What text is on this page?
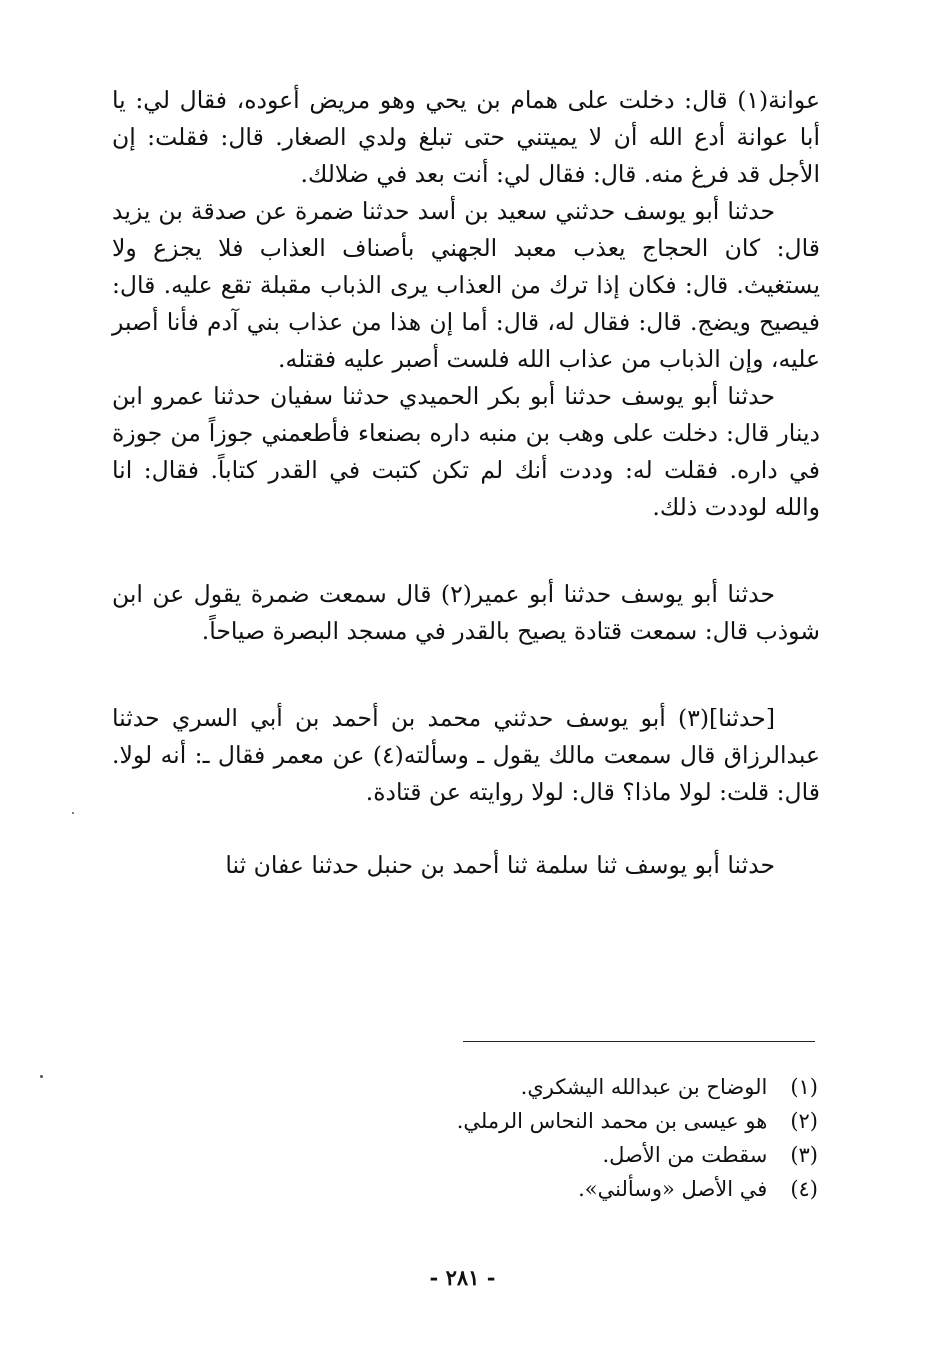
عوانة(١) قال: دخلت على همام بن يحي وهو مريض أعوده، فقال لي: يا أبا عوانة أدع الله أن لا يميتني حتى تبلغ ولدي الصغار. قال: فقلت: إن الأجل قد فرغ منه. قال: فقال لي: أنت بعد في ضلالك.

حدثنا أبو يوسف حدثني سعيد بن أسد حدثنا ضمرة عن صدقة بن يزيد قال: كان الحجاج يعذب معبد الجهني بأصناف العذاب فلا يجزع ولا يستغيث. قال: فكان إذا ترك من العذاب يرى الذباب مقبلة تقع عليه. قال: فيصيح ويضج. قال: فقال له، قال: أما إن هذا من عذاب بني آدم فأنا أصبر عليه، وإن الذباب من عذاب الله فلست أصبر عليه فقتله.

حدثنا أبو يوسف حدثنا أبو بكر الحميدي حدثنا سفيان حدثنا عمرو ابن دينار قال: دخلت على وهب بن منبه داره بصنعاء فأطعمني جوزاً من جوزة في داره. فقلت له: وددت أنك لم تكن كتبت في القدر كتاباً. فقال: انا والله لوددت ذلك.

حدثنا أبو يوسف حدثنا أبو عمير(٢) قال سمعت ضمرة يقول عن ابن شوذب قال: سمعت قتادة يصيح بالقدر في مسجد البصرة صياحاً.

[حدثنا](٣) أبو يوسف حدثني محمد بن أحمد بن أبي السري حدثنا عبدالرزاق قال سمعت مالك يقول ـ وسألته(٤) عن معمر فقال ـ: أنه لولا. قال: قلت: لولا ماذا؟ قال: لولا روايته عن قتادة.

حدثنا أبو يوسف ثنا سلمة ثنا أحمد بن حنبل حدثنا عفان ثنا

(١) الوضاح بن عبدالله اليشكري.
(٢) هو عيسى بن محمد النحاس الرملي.
(٣) سقطت من الأصل.
(٤) في الأصل «وسألني».
- ٢٨١ -
